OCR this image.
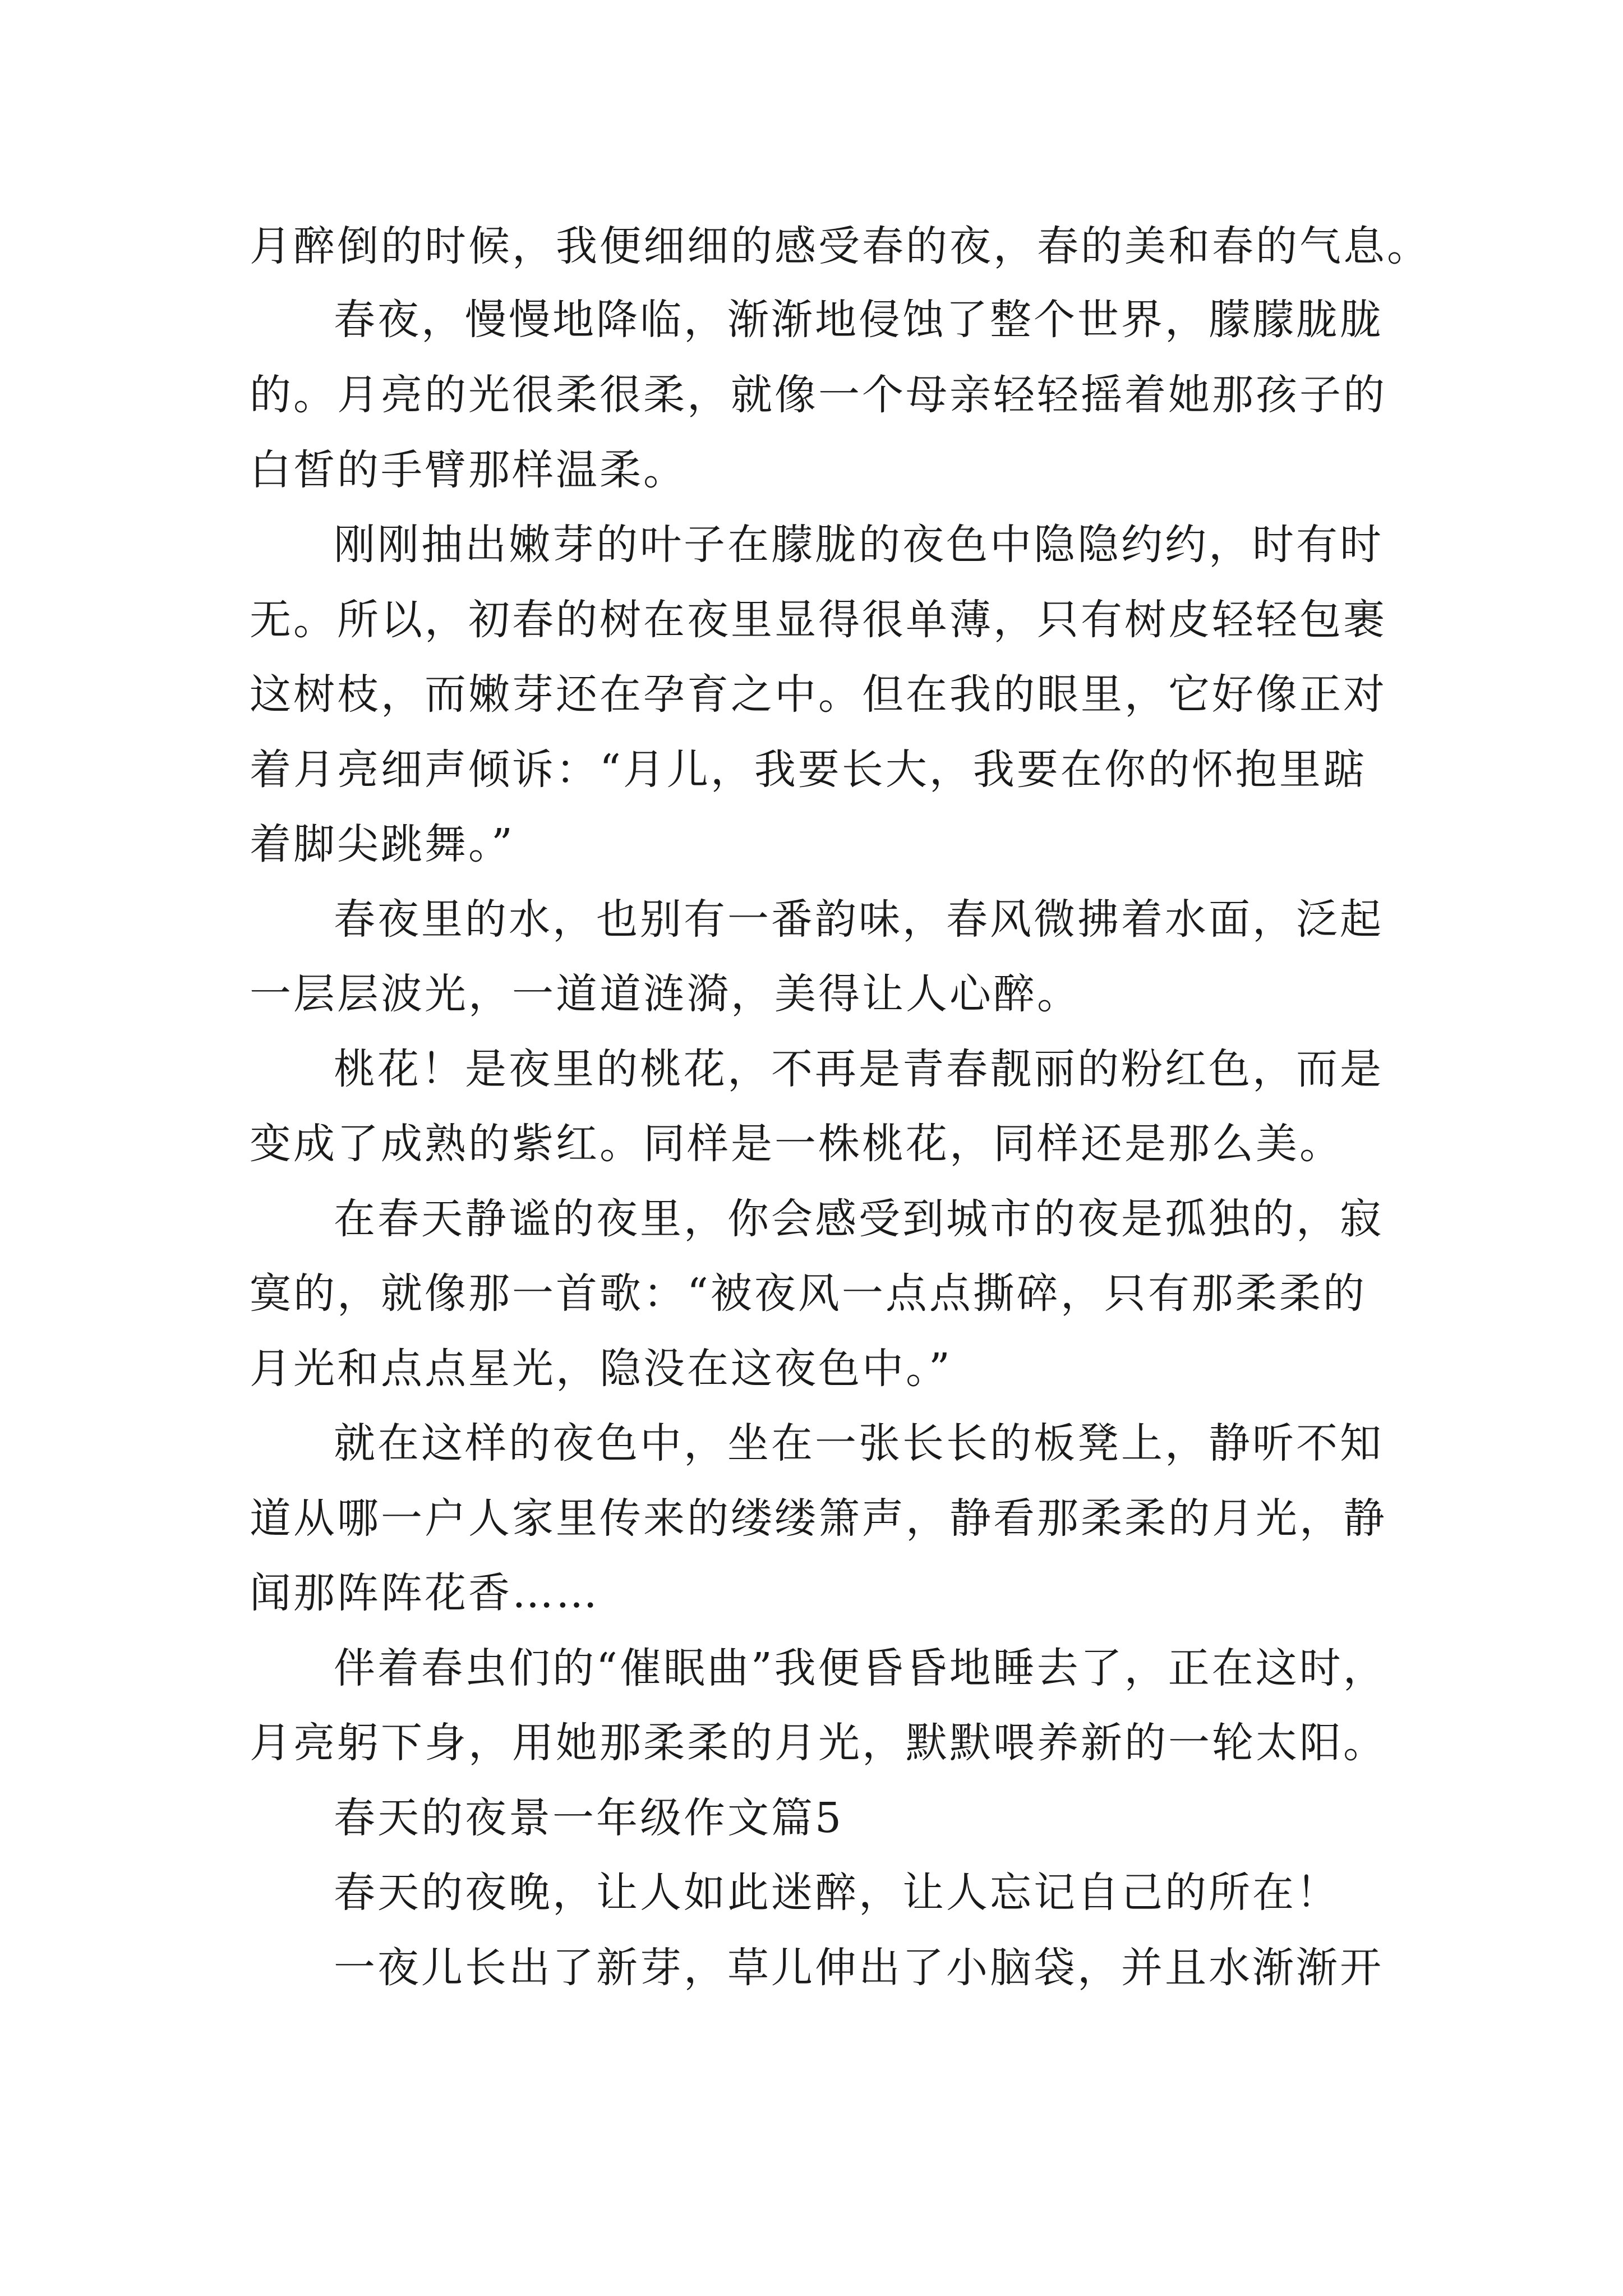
月醉倒的时候，我便细细的感受春的夜，春的美和春的气息。
春夜，慢慢地降临，渐渐地侵蚀了整个世界，朦朦胧胧
的。月亮的光很柔很柔，就像一个母亲轻轻摇着她那孩子的
白皙的手臂那样温柔。
刚刚抽出嫩芽的叶子在朦胧的夜色中隐隐约约，时有时
无。所以，初春的树在夜里显得很单薄，只有树皮轻轻包裹
这树枝，而嫩芽还在孕育之中。但在我的眼里，它好像正对
着月亮细声倾诉：“月儿，我要长大，我要在你的怀抱里踮
着脚尖跳舞。”
春夜里的水，也别有一番韵味，春风微拂着水面，泛起
一层层波光，一道道涟漪，美得让人心醉。
桃花！是夜里的桃花，不再是青春靓丽的粉红色，而是
变成了成熟的紫红。同样是一株桃花，同样还是那么美。
在春天静谧的夜里，你会感受到城市的夜是孤独的，寂
寞的，就像那一首歌：“被夜风一点点撕碎，只有那柔柔的
月光和点点星光，隐没在这夜色中。”
就在这样的夜色中，坐在一张长长的板凳上，静听不知
道从哪一户人家里传来的缕缕箫声，静看那柔柔的月光，静
闻那阵阵花香……
伴着春虫们的“催眠曲”我便昏昏地睡去了，正在这时，
月亮躬下身，用她那柔柔的月光，默默喂养新的一轮太阳。
春天的夜景一年级作文篇5
春天的夜晚，让人如此迷醉，让人忘记自己的所在！
一夜儿长出了新芽，草儿伸出了小脑袋，并且水渐渐开
